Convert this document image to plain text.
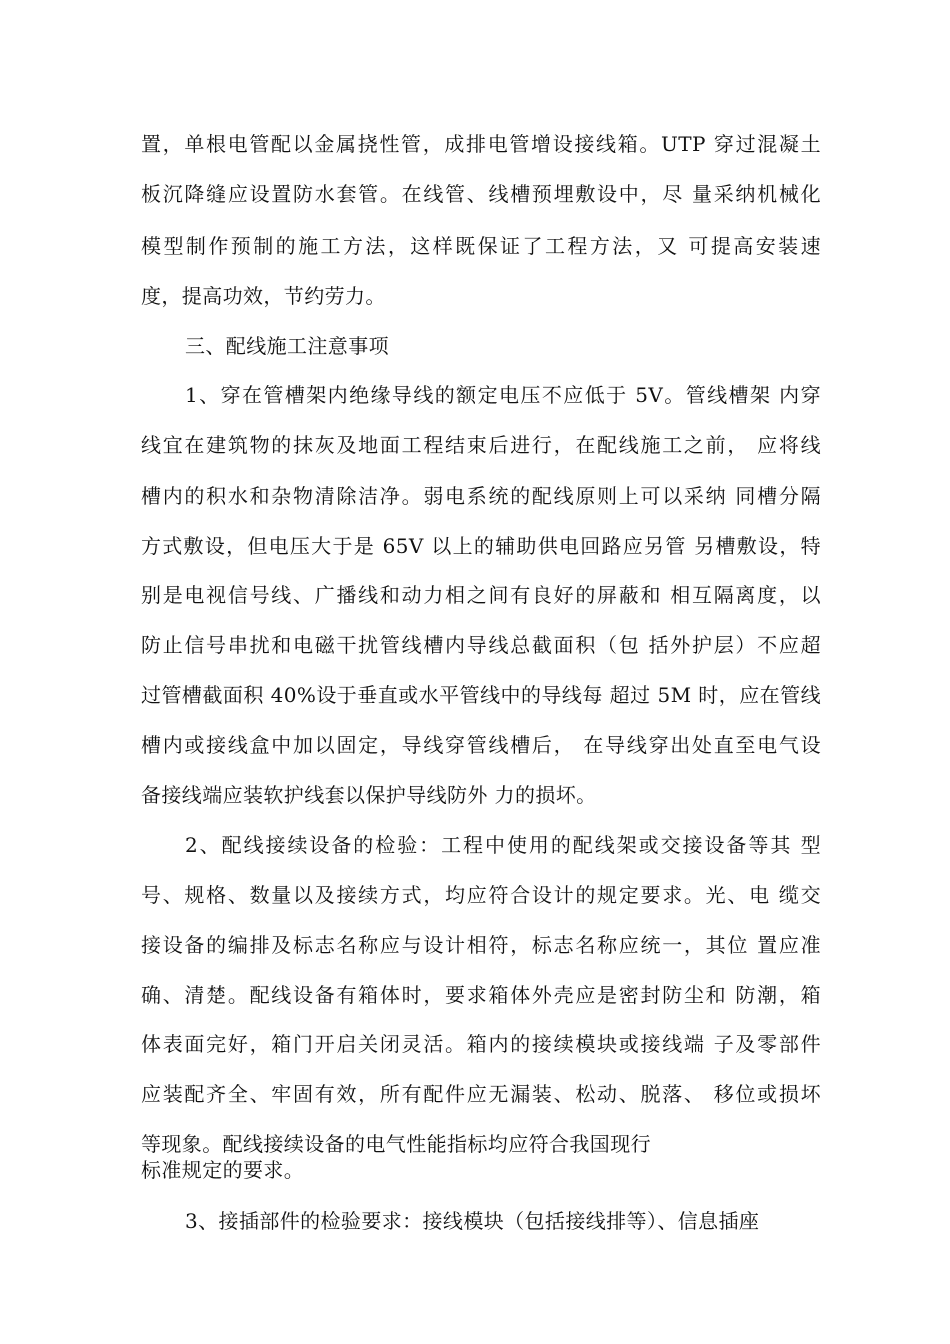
置，单根电管配以金属挠性管，成排电管增设接线箱。UTP 穿过混凝土
板沉降缝应设置防水套管。在线管、线槽预埋敷设中，尽 量采纳机械化
模型制作预制的施工方法，这样既保证了工程方法，又 可提高安装速
度，提高功效，节约劳力。
三、配线施工注意事项
1、穿在管槽架内绝缘导线的额定电压不应低于 5V。管线槽架 内穿
线宜在建筑物的抹灰及地面工程结束后进行，在配线施工之前， 应将线
槽内的积水和杂物清除洁净。弱电系统的配线原则上可以采纳 同槽分隔
方式敷设，但电压大于是 65V 以上的辅助供电回路应另管 另槽敷设，特
别是电视信号线、广播线和动力相之间有良好的屏蔽和 相互隔离度，以
防止信号串扰和电磁干扰管线槽内导线总截面积（包 括外护层）不应超
过管槽截面积 40%设于垂直或水平管线中的导线每 超过 5M 时，应在管线
槽内或接线盒中加以固定，导线穿管线槽后， 在导线穿出处直至电气设
备接线端应装软护线套以保护导线防外 力的损坏。
2、配线接续设备的检验：工程中使用的配线架或交接设备等其 型
号、规格、数量以及接续方式，均应符合设计的规定要求。光、电 缆交
接设备的编排及标志名称应与设计相符，标志名称应统一，其位 置应准
确、清楚。配线设备有箱体时，要求箱体外壳应是密封防尘和 防潮，箱
体表面完好，箱门开启关闭灵活。箱内的接续模块或接线端 子及零部件
应装配齐全、牢固有效，所有配件应无漏装、松动、脱落、 移位或损坏
等现象。配线接续设备的电气性能指标均应符合我国现行
标准规定的要求。
3、接插部件的检验要求：接线模块（包括接线排等）、信息插座
